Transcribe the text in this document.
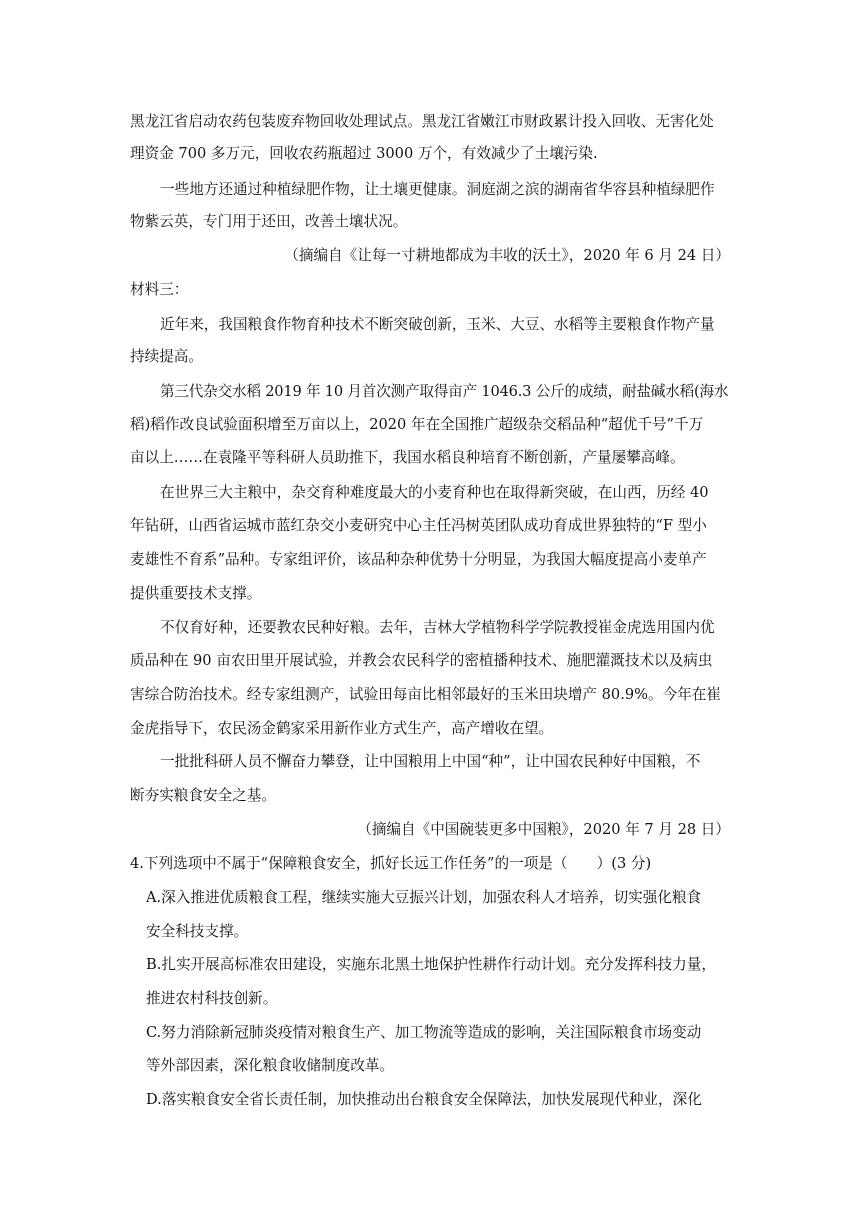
黑龙江省启动农药包装废弃物回收处理试点。黑龙江省嫩江市财政累计投入回收、无害化处
理资金 700 多万元，回收农药瓶超过 3000 万个，有效减少了土壤污染.
一些地方还通过种植绿肥作物，让土壤更健康。洞庭湖之滨的湖南省华容县种植绿肥作
物紫云英，专门用于还田，改善土壤状况。
（摘编自《让每一寸耕地都成为丰收的沃土》，2020 年 6 月 24 日）
材料三：
近年来，我国粮食作物育种技术不断突破创新，玉米、大豆、水稻等主要粮食作物产量
持续提高。
第三代杂交水稻 2019 年 10 月首次测产取得亩产 1046.3 公斤的成绩，耐盐碱水稻(海水
稻)稻作改良试验面积增至万亩以上，2020 年在全国推广超级杂交稻品种“超优千号”千万
亩以上……在袁隆平等科研人员助推下，我国水稻良种培育不断创新，产量屡攀高峰。
在世界三大主粮中，杂交育种难度最大的小麦育种也在取得新突破，在山西，历经 40
年钻研，山西省运城市蓝红杂交小麦研究中心主任冯树英团队成功育成世界独特的“F 型小
麦雄性不育系”品种。专家组评价，该品种杂种优势十分明显，为我国大幅度提高小麦单产
提供重要技术支撑。
不仅育好种，还要教农民种好粮。去年，吉林大学植物科学学院教授崔金虎选用国内优
质品种在 90 亩农田里开展试验，并教会农民科学的密植播种技术、施肥灌溉技术以及病虫
害综合防治技术。经专家组测产，试验田每亩比相邻最好的玉米田块增产 80.9%。今年在崔
金虎指导下，农民汤金鹤家采用新作业方式生产，高产增收在望。
一批批科研人员不懈奋力攀登，让中国粮用上中国“种”，让中国农民种好中国粮，不
断夯实粮食安全之基。
（摘编自《中国碗装更多中国粮》，2020 年 7 月 28 日）
4.下列选项中不属于“保障粮食安全，抓好长远工作任务”的一项是（　　）(3 分)
A.深入推进优质粮食工程，继续实施大豆振兴计划，加强农科人才培养，切实强化粮食
安全科技支撑。
B.扎实开展高标准农田建设，实施东北黑土地保护性耕作行动计划。充分发挥科技力量，
推进农村科技创新。
C.努力消除新冠肺炎疫情对粮食生产、加工物流等造成的影响，关注国际粮食市场变动
等外部因素，深化粮食收储制度改革。
D.落实粮食安全省长责任制，加快推动出台粮食安全保障法，加快发展现代种业，深化
